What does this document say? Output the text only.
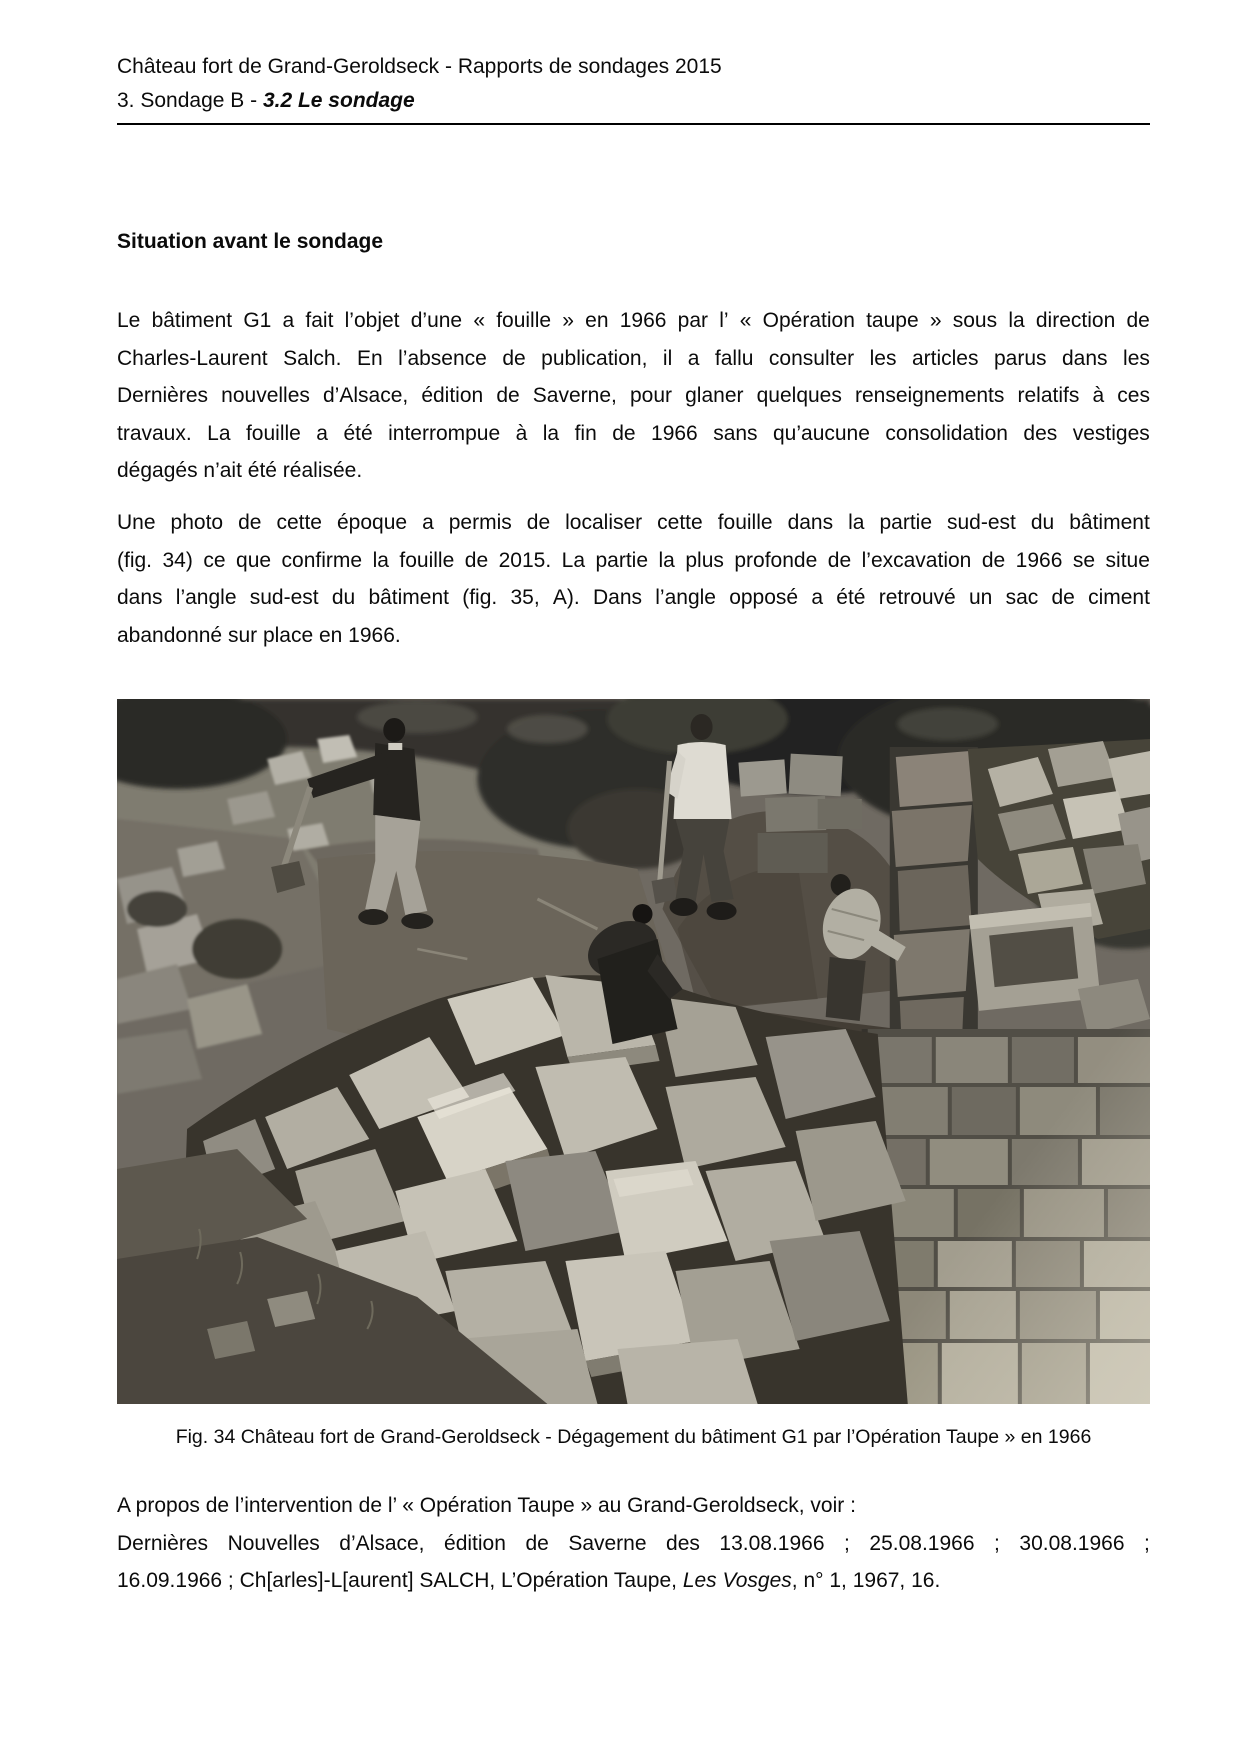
Château fort de Grand-Geroldseck - Rapports de sondages 2015
3. Sondage B - 3.2 Le sondage
Situation avant le sondage
Le bâtiment G1 a fait l’objet d’une « fouille » en 1966 par l’ « Opération taupe » sous la direction de
Charles-Laurent Salch. En l’absence de publication, il a fallu consulter les articles parus dans les
Dernières nouvelles d’Alsace, édition de Saverne, pour glaner quelques renseignements relatifs à ces
travaux. La fouille a été interrompue à la fin de 1966 sans qu’aucune consolidation des vestiges
dégagés n’ait été réalisée.
Une photo de cette époque a permis de localiser cette fouille dans la partie sud-est du bâtiment
(fig. 34) ce que confirme la fouille de 2015. La partie la plus profonde de l’excavation de 1966 se situe
dans l’angle sud-est du bâtiment (fig. 35, A). Dans l’angle opposé a été retrouvé un sac de ciment
abandonné sur place en 1966.
Fig. 34 Château fort de Grand-Geroldseck - Dégagement du bâtiment G1 par l’Opération Taupe » en 1966
A propos de l’intervention de l’ « Opération Taupe » au Grand-Geroldseck, voir :
Dernières Nouvelles d’Alsace, édition de Saverne des 13.08.1966 ; 25.08.1966 ; 30.08.1966 ;
16.09.1966 ; Ch[arles]-L[aurent] SALCH, L’Opération Taupe, Les Vosges, n° 1, 1967, 16.
